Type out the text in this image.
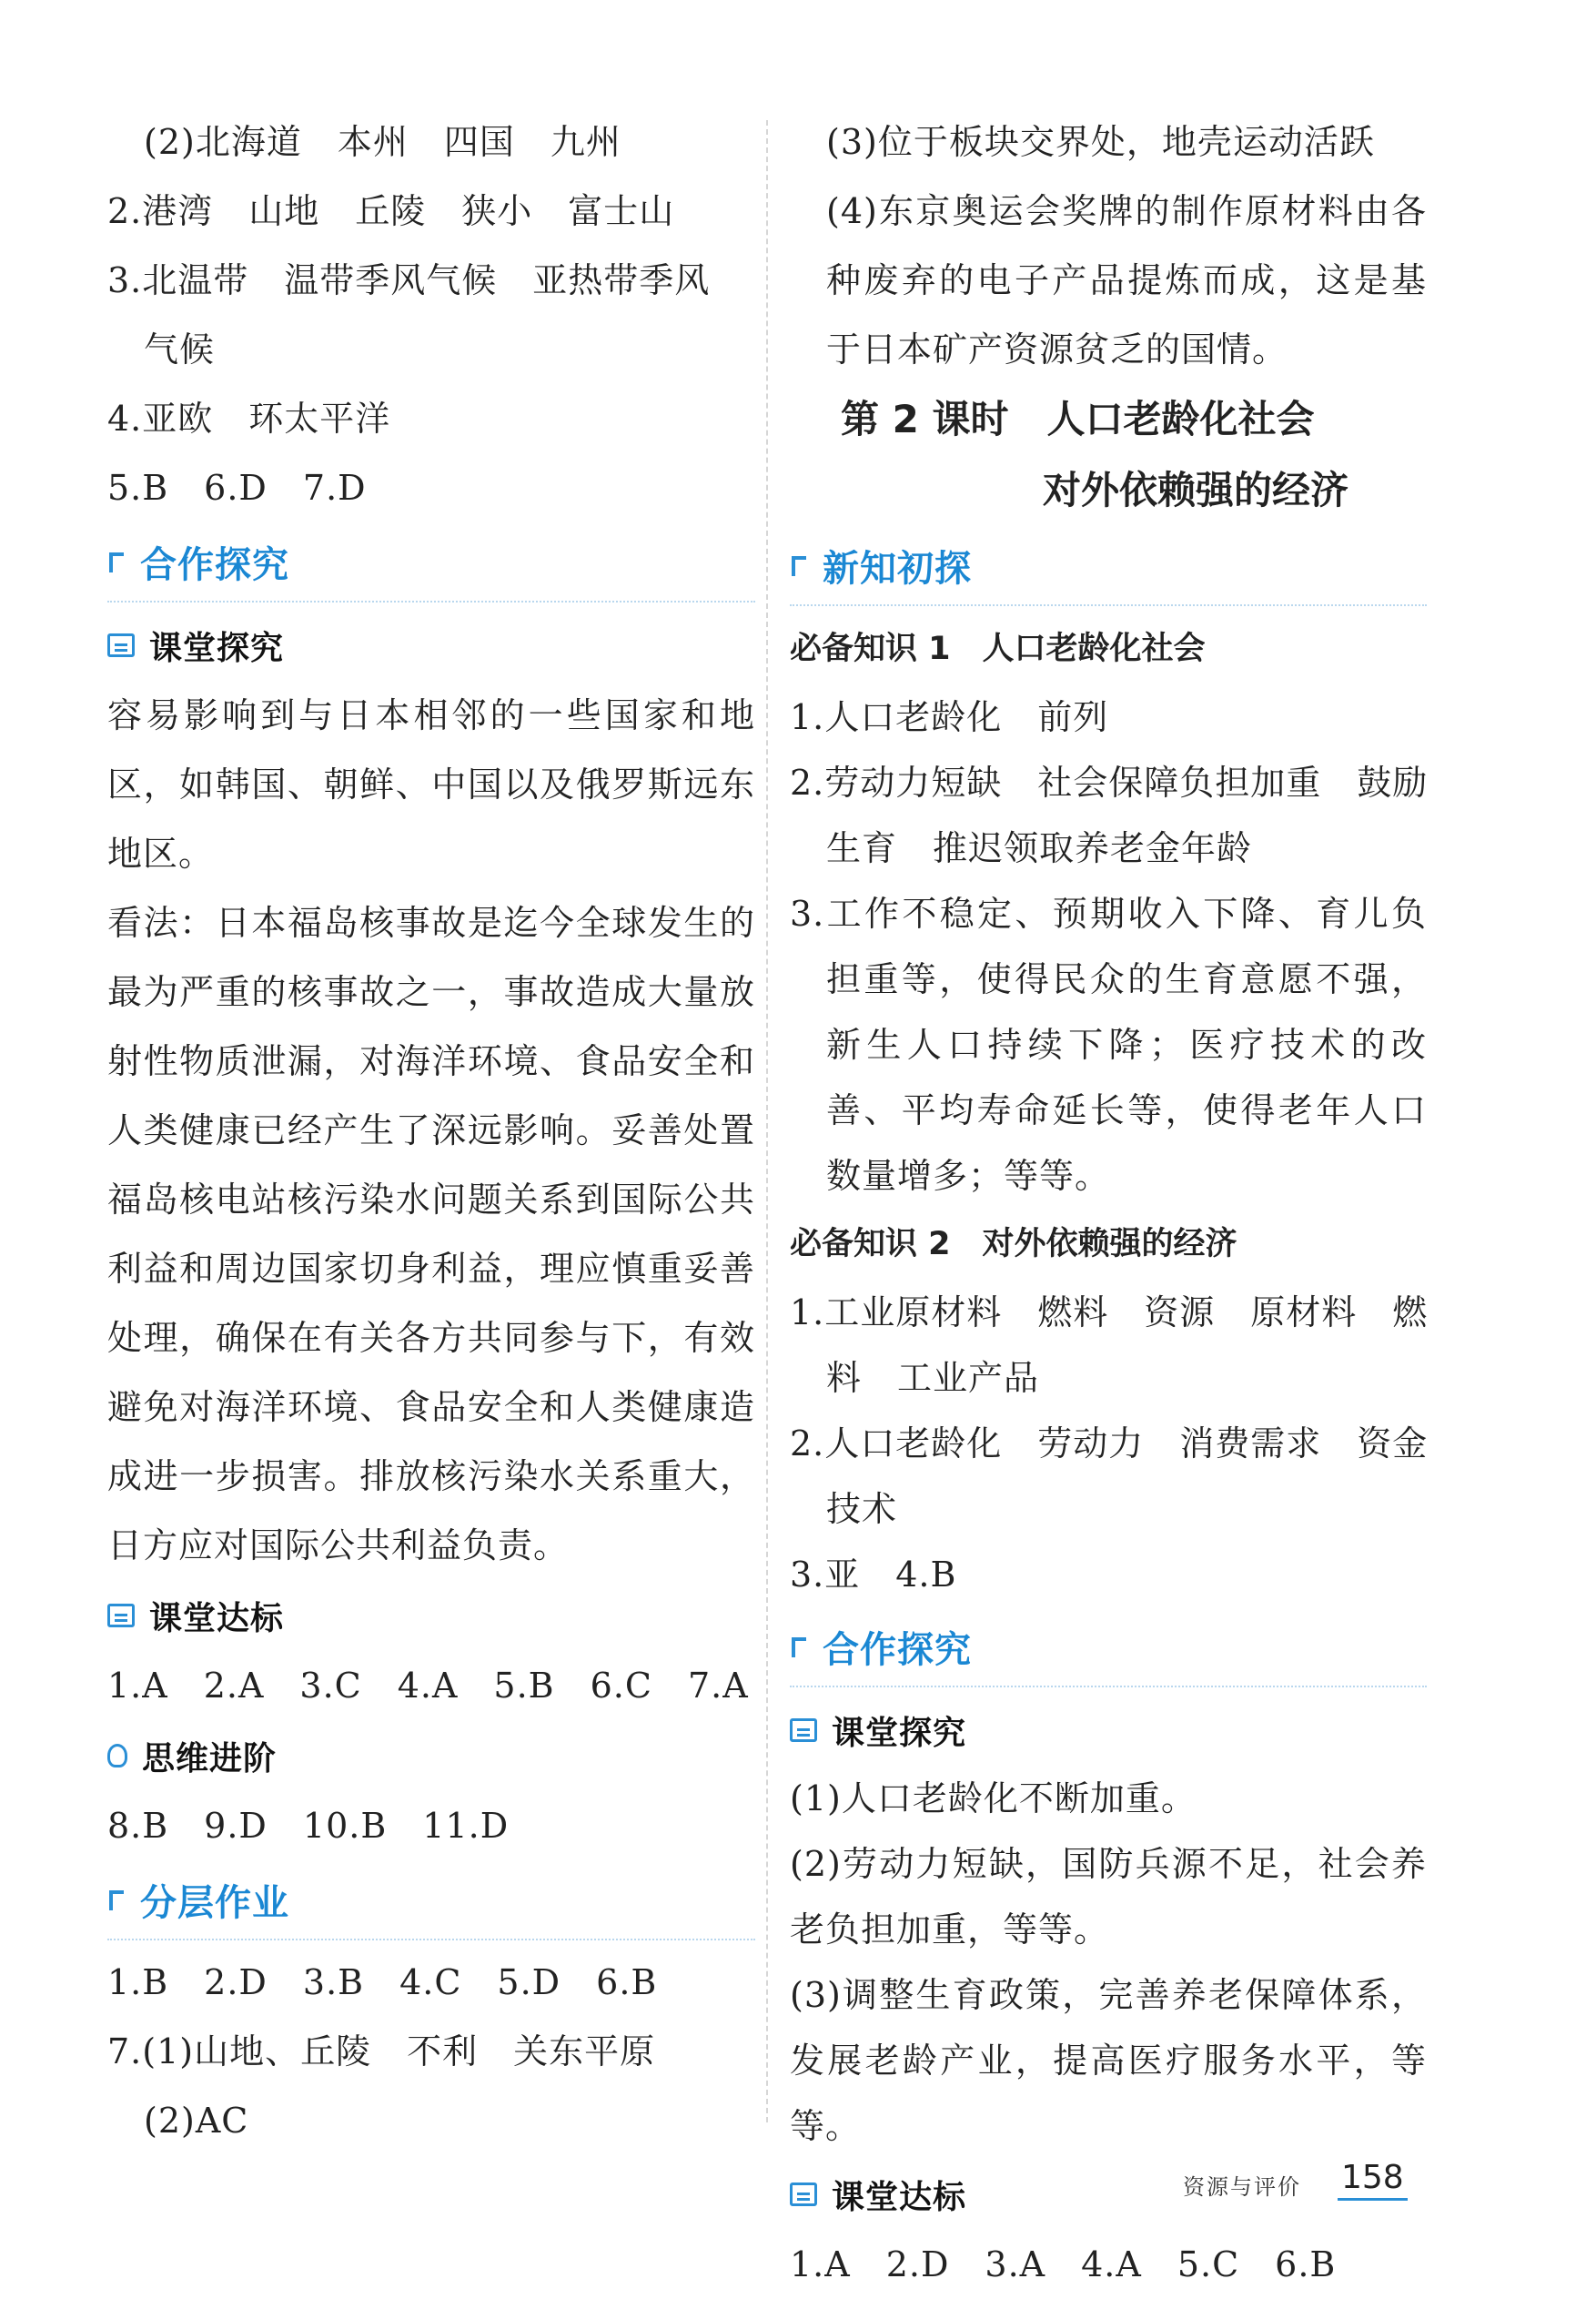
(2)北海道　本州　四国　九州
2.港湾　山地　丘陵　狭小　富士山
3.北温带　温带季风气候　亚热带季风
气候
4.亚欧　环太平洋
5.B　6.D　7.D
合作探究
课堂探究
容易影响到与日本相邻的一些国家和地区，如韩国、朝鲜、中国以及俄罗斯远东地区。
看法：日本福岛核事故是迄今全球发生的最为严重的核事故之一，事故造成大量放射性物质泄漏，对海洋环境、食品安全和人类健康已经产生了深远影响。妥善处置福岛核电站核污染水问题关系到国际公共利益和周边国家切身利益，理应慎重妥善处理，确保在有关各方共同参与下，有效避免对海洋环境、食品安全和人类健康造成进一步损害。排放核污染水关系重大，日方应对国际公共利益负责。
课堂达标
1.A　2.A　3.C　4.A　5.B　6.C　7.A
思维进阶
8.B　9.D　10.B　11.D
分层作业
1.B　2.D　3.B　4.C　5.D　6.B
7.(1)山地、丘陵　不利　关东平原
(2)AC
(3)位于板块交界处，地壳运动活跃
(4)东京奥运会奖牌的制作原材料由各种废弃的电子产品提炼而成，这是基于日本矿产资源贫乏的国情。
第 2 课时　人口老龄化社会
对外依赖强的经济
新知初探
必备知识 1　人口老龄化社会
1.人口老龄化　前列
2.劳动力短缺　社会保障负担加重　鼓励
生育　推迟领取养老金年龄
3.工作不稳定、预期收入下降、育儿负担重等，使得民众的生育意愿不强，新生人口持续下降；医疗技术的改善、平均寿命延长等，使得老年人口数量增多；等等。
必备知识 2　对外依赖强的经济
1.工业原材料　燃料　资源　原材料　燃
料　工业产品
2.人口老龄化　劳动力　消费需求　资金
技术
3.亚　4.B
合作探究
课堂探究
(1)人口老龄化不断加重。
(2)劳动力短缺，国防兵源不足，社会养老负担加重，等等。
(3)调整生育政策，完善养老保障体系，发展老龄产业，提高医疗服务水平，等等。
课堂达标
1.A　2.D　3.A　4.A　5.C　6.B
资源与评价 158
